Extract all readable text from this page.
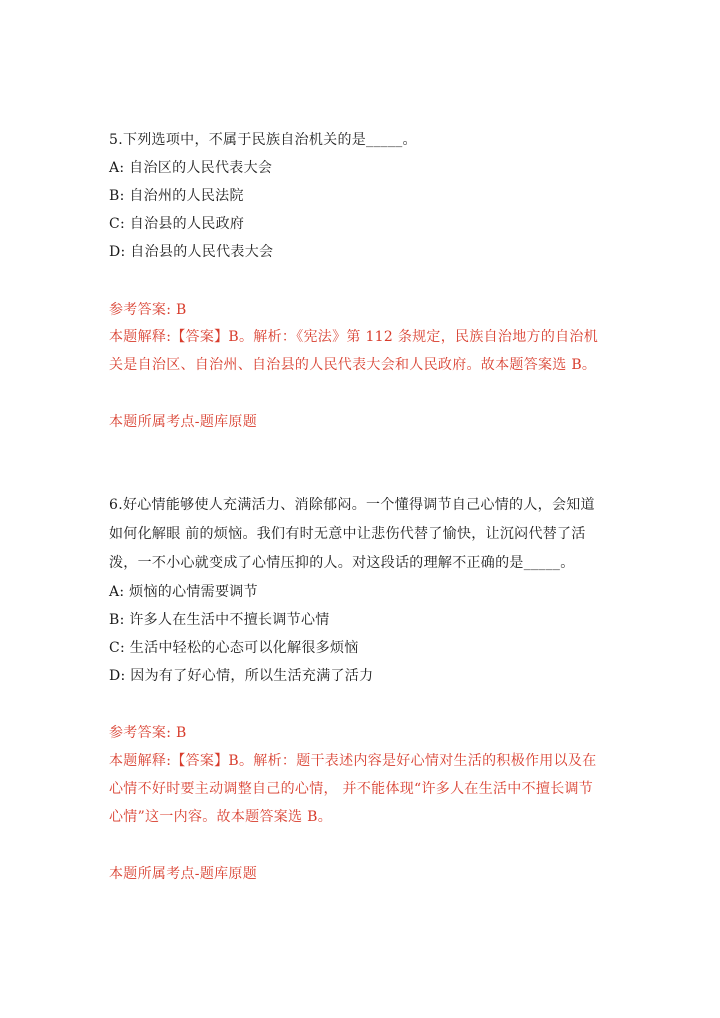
5.下列选项中，不属于民族自治机关的是_____。
A: 自治区的人民代表大会
B: 自治州的人民法院
C: 自治县的人民政府
D: 自治县的人民代表大会
参考答案: B
本题解释:【答案】B。解析：《宪法》第 112 条规定，民族自治地方的自治机
关是自治区、自治州、自治县的人民代表大会和人民政府。故本题答案选 B。
本题所属考点-题库原题
6.好心情能够使人充满活力、消除郁闷。一个懂得调节自己心情的人，会知道
如何化解眼 前的烦恼。我们有时无意中让悲伤代替了愉快，让沉闷代替了活
泼，一不小心就变成了心情压抑的人。对这段话的理解不正确的是_____。
A: 烦恼的心情需要调节
B: 许多人在生活中不擅长调节心情
C: 生活中轻松的心态可以化解很多烦恼
D: 因为有了好心情，所以生活充满了活力
参考答案: B
本题解释:【答案】B。解析：题干表述内容是好心情对生活的积极作用以及在
心情不好时要主动调整自己的心情， 并不能体现“许多人在生活中不擅长调节
心情”这一内容。故本题答案选 B。
本题所属考点-题库原题
